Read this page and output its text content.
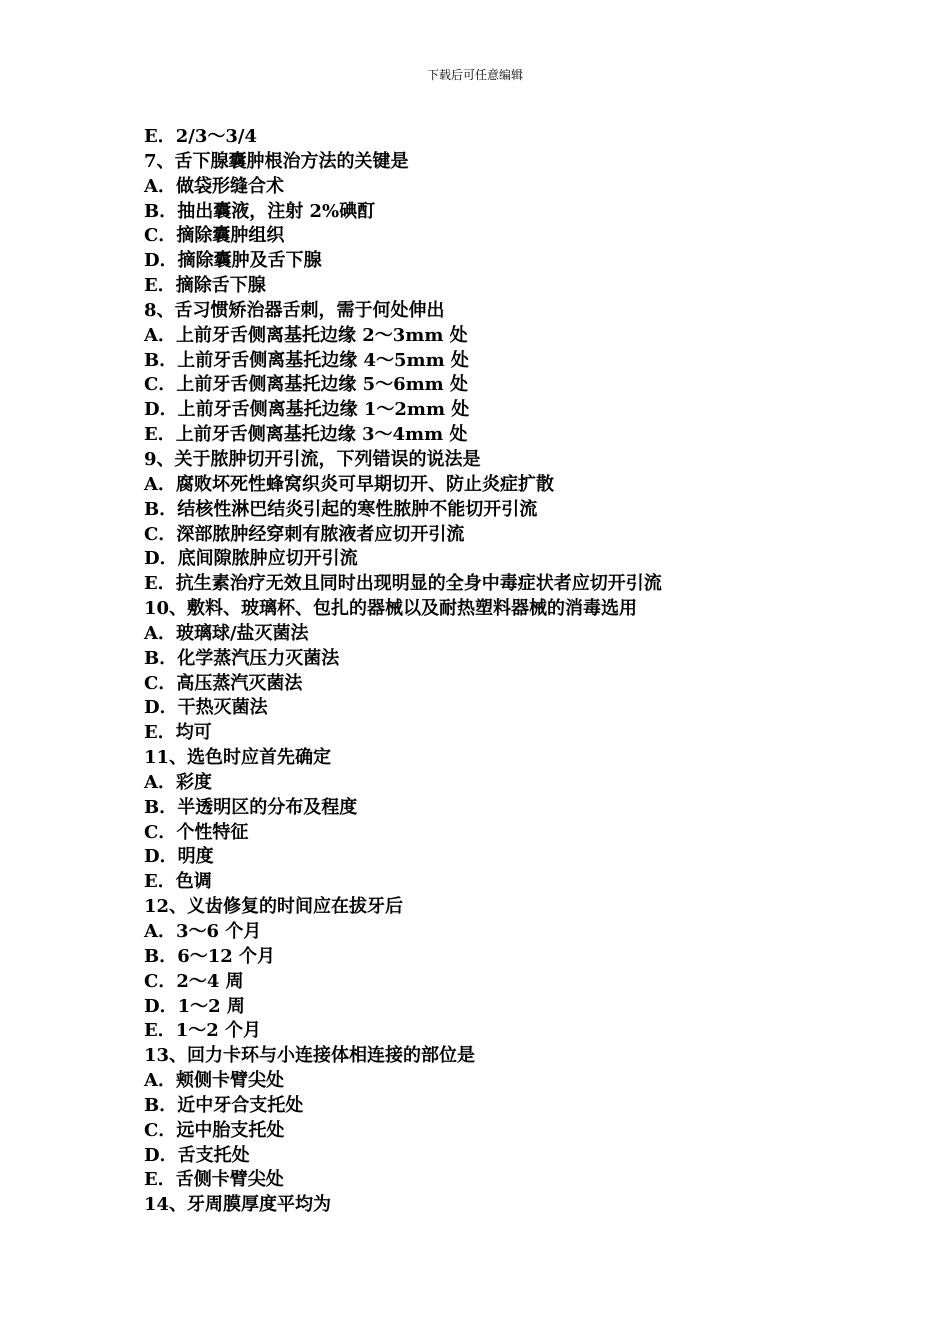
下载后可任意编辑
E．2/3～3/4
7、舌下腺囊肿根治方法的关键是
A．做袋形缝合术
B．抽出囊液，注射 2%碘酊
C．摘除囊肿组织
D．摘除囊肿及舌下腺
E．摘除舌下腺
8、舌习惯矫治器舌刺，需于何处伸出
A．上前牙舌侧离基托边缘 2～3mm 处
B．上前牙舌侧离基托边缘 4～5mm 处
C．上前牙舌侧离基托边缘 5～6mm 处
D．上前牙舌侧离基托边缘 1～2mm 处
E．上前牙舌侧离基托边缘 3～4mm 处
9、关于脓肿切开引流，下列错误的说法是
A．腐败坏死性蜂窝织炎可早期切开、防止炎症扩散
B．结核性淋巴结炎引起的寒性脓肿不能切开引流
C．深部脓肿经穿刺有脓液者应切开引流
D．底间隙脓肿应切开引流
E．抗生素治疗无效且同时出现明显的全身中毒症状者应切开引流
10、敷料、玻璃杯、包扎的器械以及耐热塑料器械的消毒选用
A．玻璃球/盐灭菌法
B．化学蒸汽压力灭菌法
C．高压蒸汽灭菌法
D．干热灭菌法
E．均可
11、选色时应首先确定
A．彩度
B．半透明区的分布及程度
C．个性特征
D．明度
E．色调
12、义齿修复的时间应在拔牙后
A．3～6 个月
B．6～12 个月
C．2～4 周
D．1～2 周
E．1～2 个月
13、回力卡环与小连接体相连接的部位是
A．颊侧卡臂尖处
B．近中牙合支托处
C．远中胎支托处
D．舌支托处
E．舌侧卡臂尖处
14、牙周膜厚度平均为
